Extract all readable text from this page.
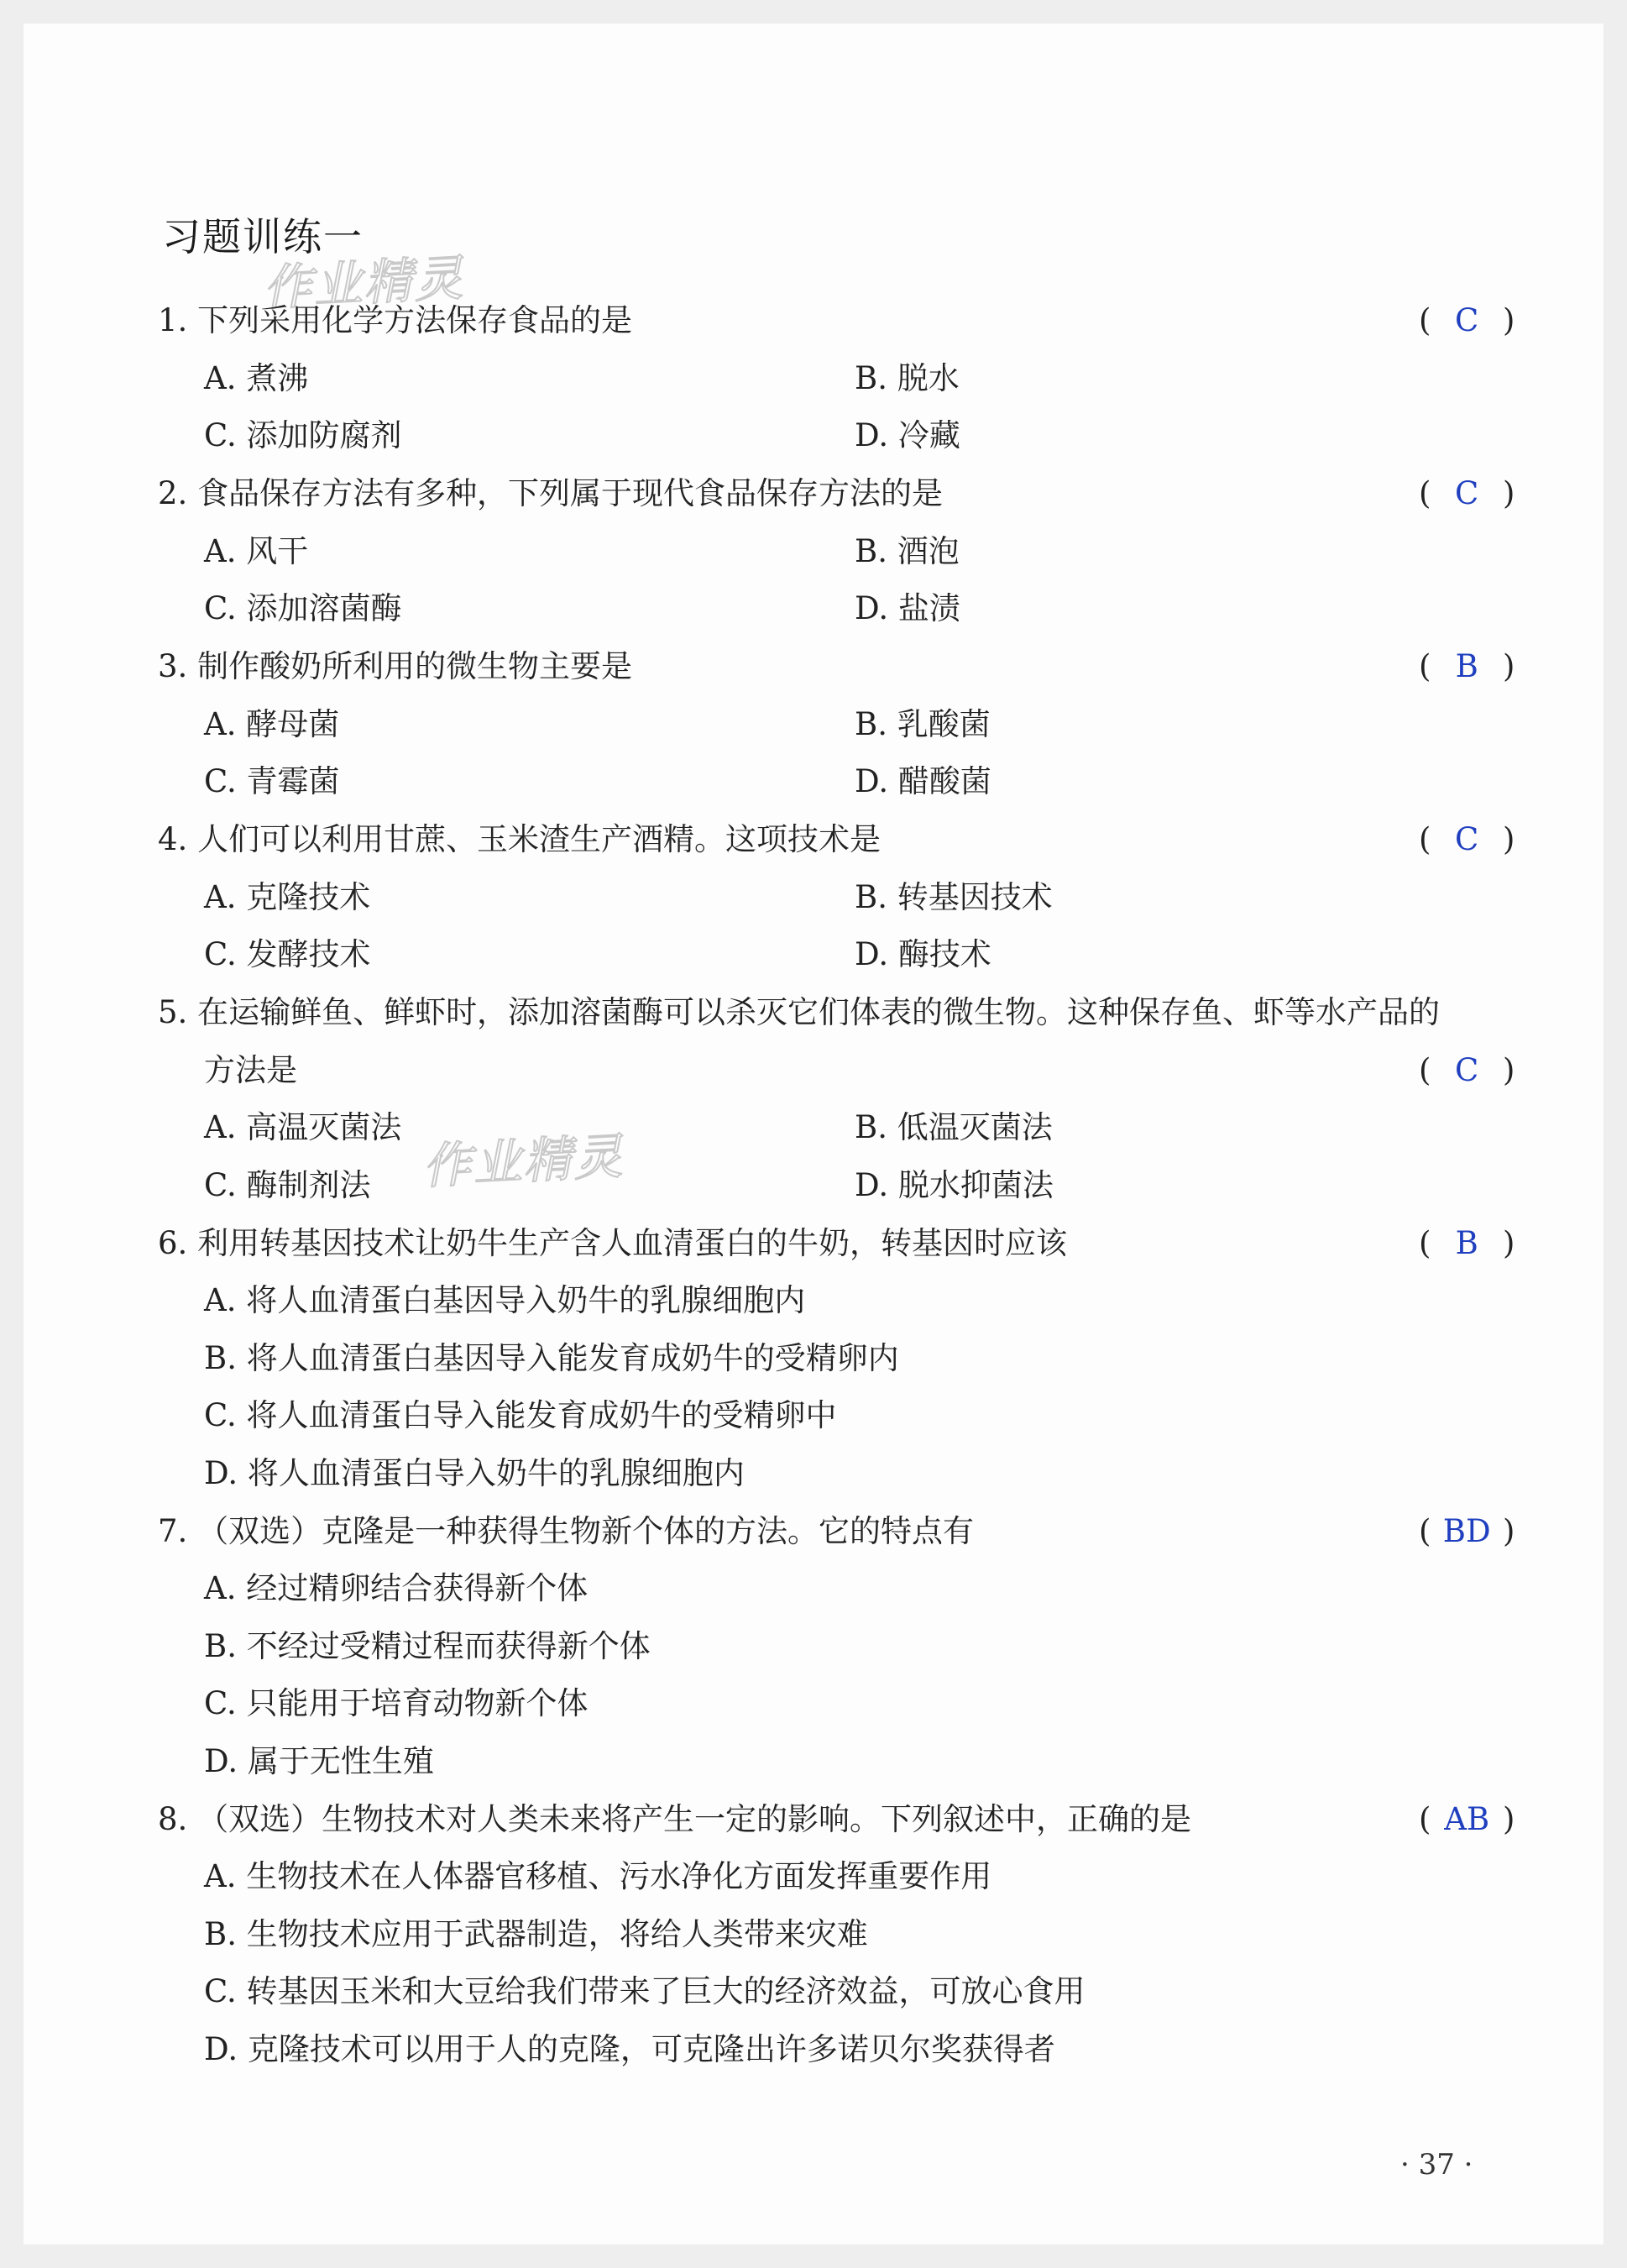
习题训练一
作业精灵
作业精灵
1. 下列采用化学方法保存食品的是	( C )
A. 煮沸	B. 脱水
C. 添加防腐剂	D. 冷藏
2. 食品保存方法有多种，下列属于现代食品保存方法的是	( C )
A. 风干	B. 酒泡
C. 添加溶菌酶	D. 盐渍
3. 制作酸奶所利用的微生物主要是	( B )
A. 酵母菌	B. 乳酸菌
C. 青霉菌	D. 醋酸菌
4. 人们可以利用甘蔗、玉米渣生产酒精。这项技术是	( C )
A. 克隆技术	B. 转基因技术
C. 发酵技术	D. 酶技术
5. 在运输鲜鱼、鲜虾时，添加溶菌酶可以杀灭它们体表的微生物。这种保存鱼、虾等水产品的
方法是	( C )
A. 高温灭菌法	B. 低温灭菌法
C. 酶制剂法	D. 脱水抑菌法
6. 利用转基因技术让奶牛生产含人血清蛋白的牛奶，转基因时应该	( B )
A. 将人血清蛋白基因导入奶牛的乳腺细胞内
B. 将人血清蛋白基因导入能发育成奶牛的受精卵内
C. 将人血清蛋白导入能发育成奶牛的受精卵中
D. 将人血清蛋白导入奶牛的乳腺细胞内
7. （双选）克隆是一种获得生物新个体的方法。它的特点有	( BD )
A. 经过精卵结合获得新个体
B. 不经过受精过程而获得新个体
C. 只能用于培育动物新个体
D. 属于无性生殖
8. （双选）生物技术对人类未来将产生一定的影响。下列叙述中，正确的是	( AB )
A. 生物技术在人体器官移植、污水净化方面发挥重要作用
B. 生物技术应用于武器制造，将给人类带来灾难
C. 转基因玉米和大豆给我们带来了巨大的经济效益，可放心食用
D. 克隆技术可以用于人的克隆，可克隆出许多诺贝尔奖获得者
· 37 ·
